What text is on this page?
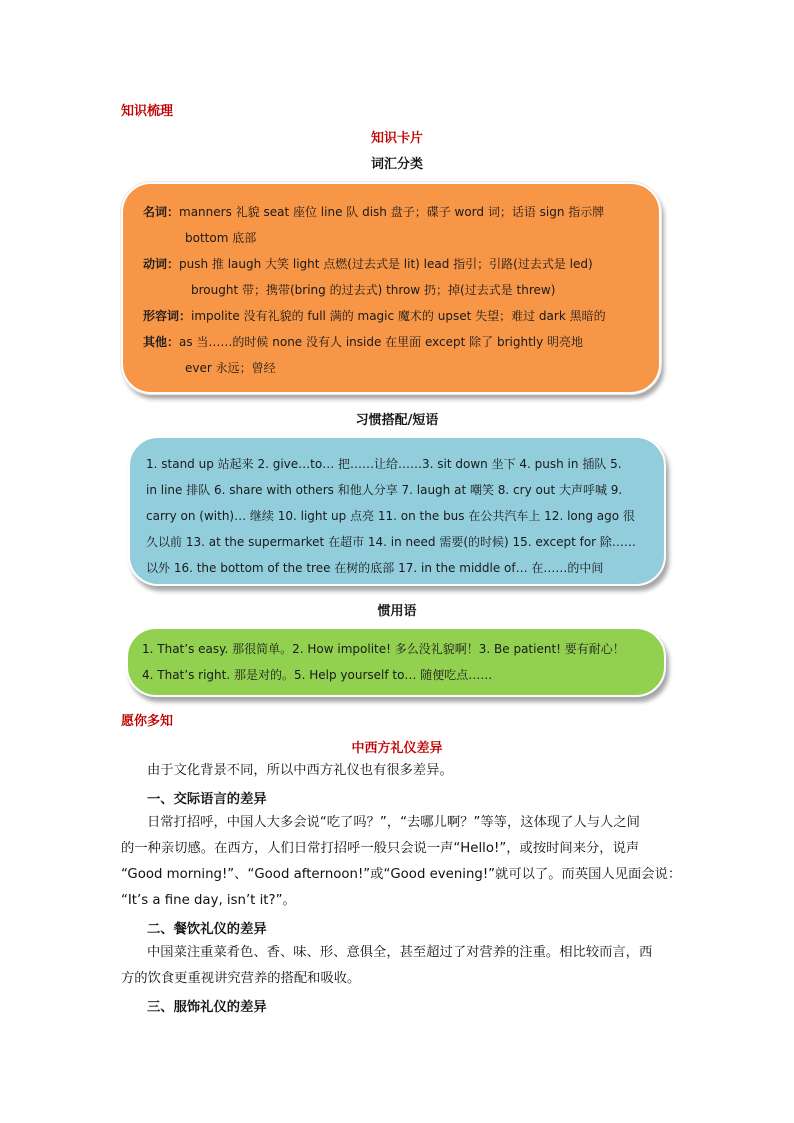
知识梳理
知识卡片
词汇分类
名词：manners 礼貌 seat 座位 line 队 dish 盘子；碟子 word 词；话语 sign 指示牌
bottom 底部
动词：push 推 laugh 大笑 light 点燃(过去式是 lit) lead 指引；引路(过去式是 led)
brought 带；携带(bring 的过去式) throw 扔；掉(过去式是 threw)
形容词：impolite 没有礼貌的 full 满的 magic 魔术的 upset 失望；难过 dark 黑暗的
其他：as 当……的时候 none 没有人 inside 在里面 except 除了 brightly 明亮地
ever 永远；曾经
习惯搭配/短语
1. stand up 站起来 2. give…to… 把……让给……3. sit down 坐下 4. push in 插队 5.
in line 排队 6. share with others 和他人分享 7. laugh at 嘲笑 8. cry out 大声呼喊 9.
carry on (with)… 继续 10. light up 点亮 11. on the bus 在公共汽车上 12. long ago 很
久以前 13. at the supermarket 在超市 14. in need 需要(的时候) 15. except for 除……
以外 16. the bottom of the tree 在树的底部 17. in the middle of… 在……的中间
惯用语
1. That’s easy. 那很简单。2. How impolite! 多么没礼貌啊！3. Be patient! 要有耐心！
4. That’s right. 那是对的。5. Help yourself to… 随便吃点……
愿你多知
中西方礼仪差异
由于文化背景不同，所以中西方礼仪也有很多差异。
一、交际语言的差异
日常打招呼，中国人大多会说“吃了吗？”，“去哪儿啊？”等等，这体现了人与人之间
的一种亲切感。在西方，人们日常打招呼一般只会说一声“Hello!”，或按时间来分，说声
“Good morning!”、“Good afternoon!”或“Good evening!”就可以了。而英国人见面会说：
“It’s a fine day, isn’t it?”。
二、餐饮礼仪的差异
中国菜注重菜肴色、香、味、形、意俱全，甚至超过了对营养的注重。相比较而言，西
方的饮食更重视讲究营养的搭配和吸收。
三、服饰礼仪的差异
